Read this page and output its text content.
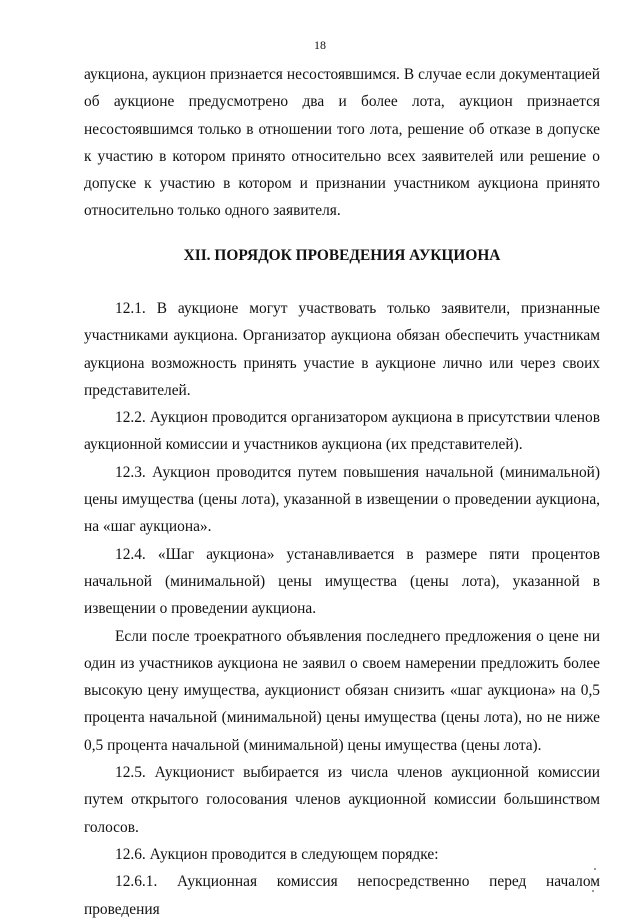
18

аукциона, аукцион признается несостоявшимся. В случае если документацией об аукционе предусмотрено два и более лота, аукцион признается несостоявшимся только в отношении того лота, решение об отказе в допуске к участию в котором принято относительно всех заявителей или решение о допуске к участию в котором и признании участником аукциона принято относительно только одного заявителя.

XII. ПОРЯДОК ПРОВЕДЕНИЯ АУКЦИОНА

12.1. В аукционе могут участвовать только заявители, признанные участниками аукциона. Организатор аукциона обязан обеспечить участникам аукциона возможность принять участие в аукционе лично или через своих представителей.

12.2. Аукцион проводится организатором аукциона в присутствии членов аукционной комиссии и участников аукциона (их представителей).

12.3. Аукцион проводится путем повышения начальной (минимальной) цены имущества (цены лота), указанной в извещении о проведении аукциона, на «шаг аукциона».

12.4. «Шаг аукциона» устанавливается в размере пяти процентов начальной (минимальной) цены имущества (цены лота), указанной в извещении о проведении аукциона.

Если после троекратного объявления последнего предложения о цене ни один из участников аукциона не заявил о своем намерении предложить более высокую цену имущества, аукционист обязан снизить «шаг аукциона» на 0,5 процента начальной (минимальной) цены имущества (цены лота), но не ниже 0,5 процента начальной (минимальной) цены имущества (цены лота).

12.5. Аукционист выбирается из числа членов аукционной комиссии путем открытого голосования членов аукционной комиссии большинством голосов.

12.6. Аукцион проводится в следующем порядке:

12.6.1. Аукционная комиссия непосредственно перед началом проведения
